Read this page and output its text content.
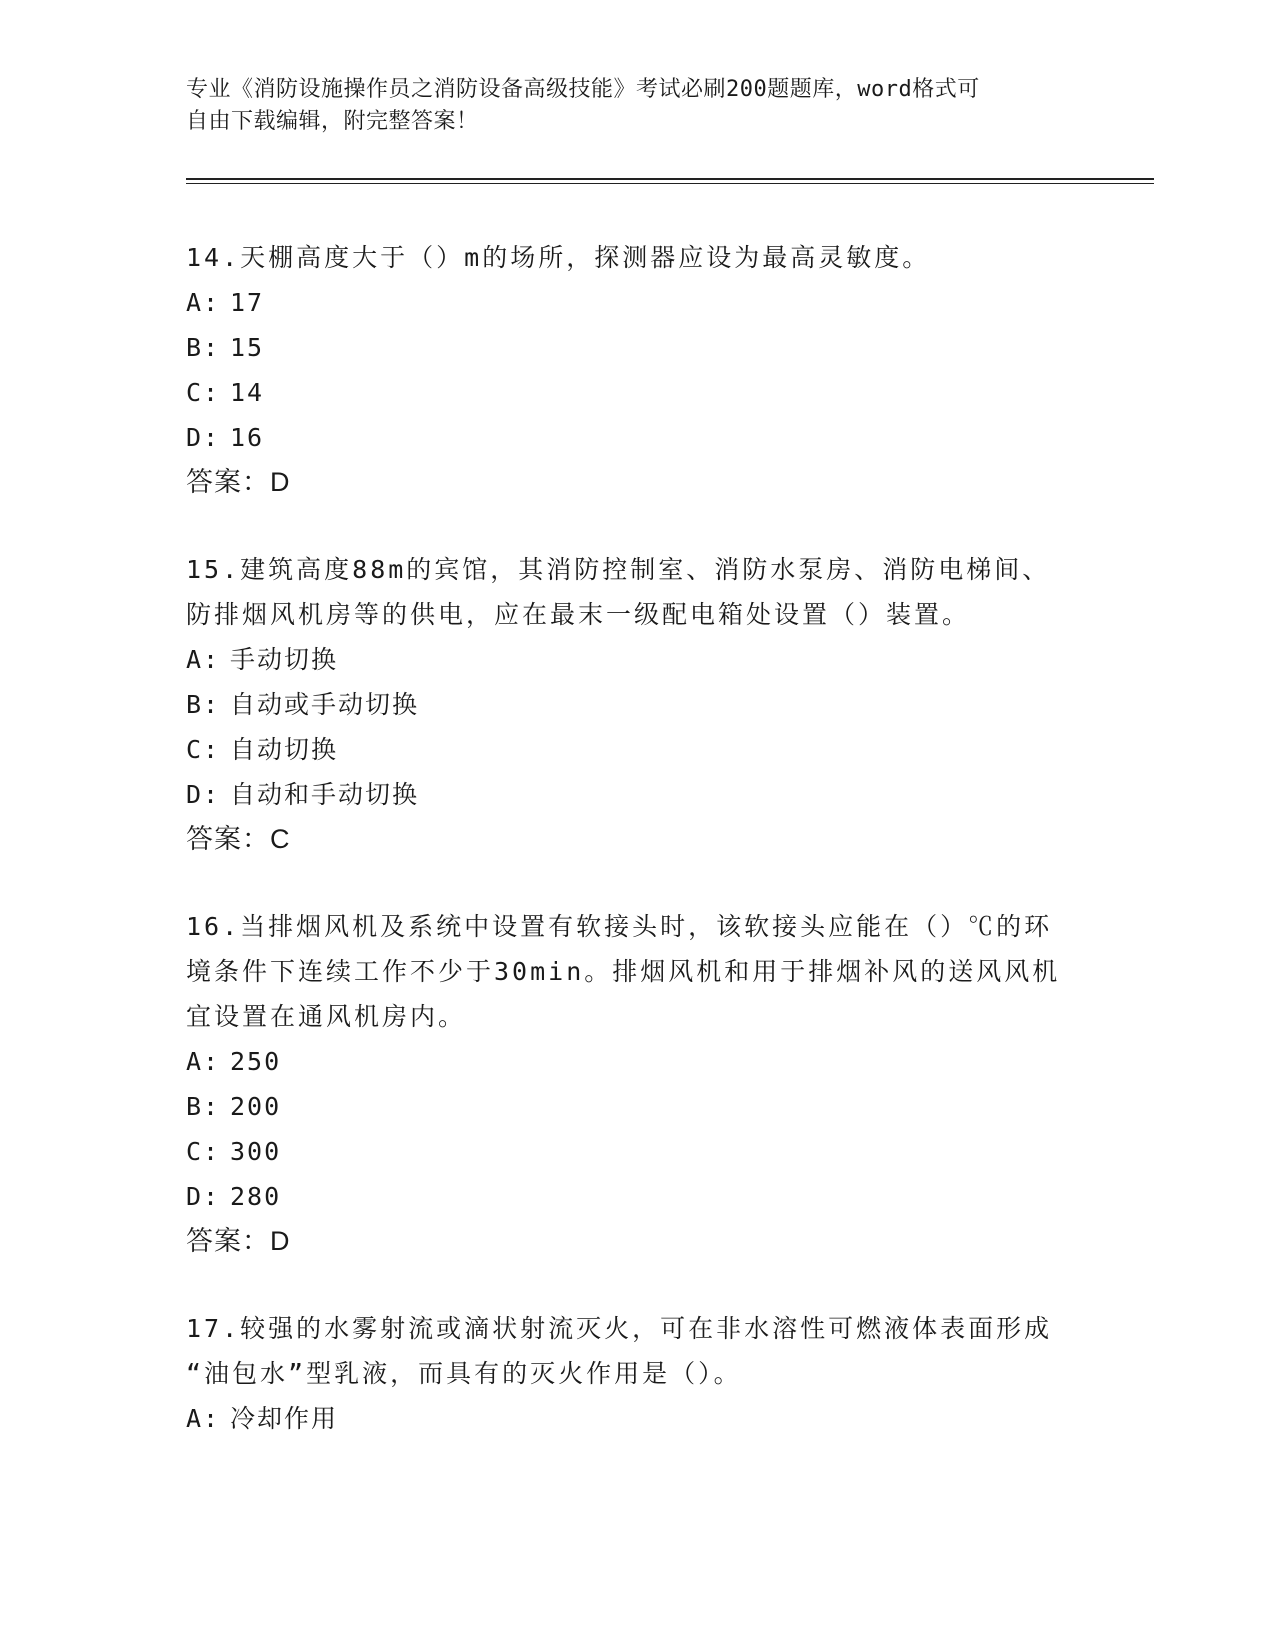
专业《消防设施操作员之消防设备高级技能》考试必刷200题题库，word格式可
自由下载编辑，附完整答案！
14.天棚高度大于（）m的场所，探测器应设为最高灵敏度。
A: 17
B: 15
C: 14
D: 16
答案：D
15.建筑高度88m的宾馆，其消防控制室、消防水泵房、消防电梯间、
防排烟风机房等的供电，应在最末一级配电箱处设置（）装置。
A: 手动切换
B: 自动或手动切换
C: 自动切换
D: 自动和手动切换
答案：C
16.当排烟风机及系统中设置有软接头时，该软接头应能在（）℃的环
境条件下连续工作不少于30min。排烟风机和用于排烟补风的送风风机
宜设置在通风机房内。
A: 250
B: 200
C: 300
D: 280
答案：D
17.较强的水雾射流或滴状射流灭火，可在非水溶性可燃液体表面形成
“油包水”型乳液，而具有的灭火作用是（）。
A: 冷却作用
